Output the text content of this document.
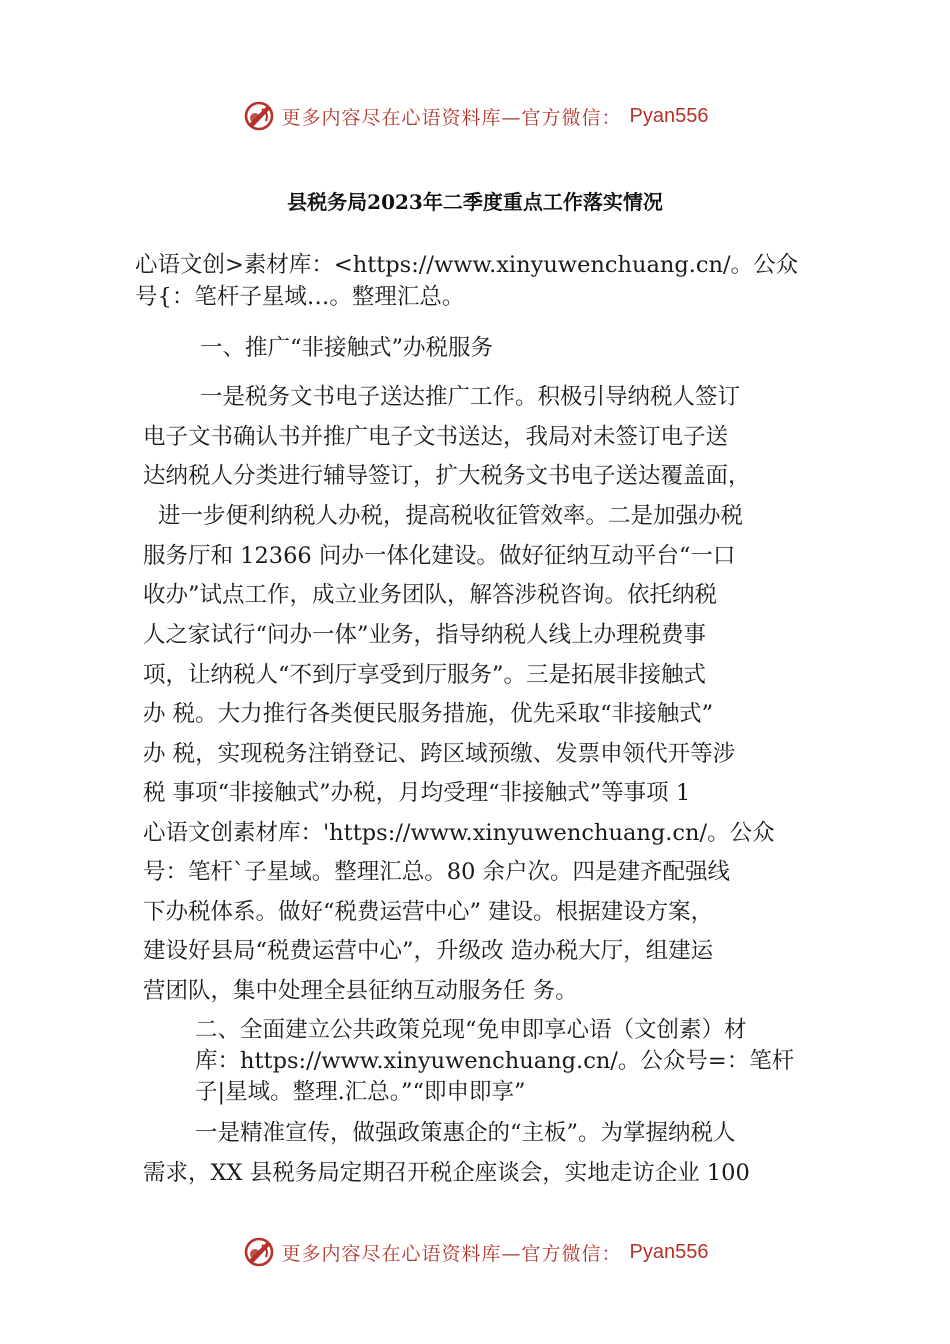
更多内容尽在心语资料库—官方微信： Pyan556
县税务局2023年二季度重点工作落实情况
心语文创>素材库：<https://www.xinyuwenchuang.cn/。公众
号{：笔杆子星域…。整理汇总。
一、推广“非接触式”办税服务
一是税务文书电子送达推广工作。积极引导纳税人签订
电子文书确认书并推广电子文书送达，我局对未签订电子送
达纳税人分类进行辅导签订，扩大税务文书电子送达覆盖面，
进一步便利纳税人办税，提高税收征管效率。二是加强办税
服务厅和 12366 问办一体化建设。做好征纳互动平台“一口
收办”试点工作，成立业务团队，解答涉税咨询。依托纳税
人之家试行“问办一体”业务，指导纳税人线上办理税费事
项，让纳税人“不到厅享受到厅服务”。三是拓展非接触式
办 税。大力推行各类便民服务措施，优先采取“非接触式”
办 税，实现税务注销登记、跨区域预缴、发票申领代开等涉
税 事项“非接触式”办税，月均受理“非接触式”等事项 1
心语文创素材库：'https://www.xinyuwenchuang.cn/。公众
号：笔杆`子星域。整理汇总。80 余户次。四是建齐配强线
下办税体系。做好“税费运营中心” 建设。根据建设方案，
建设好县局“税费运营中心”，升级改 造办税大厅，组建运
营团队，集中处理全县征纳互动服务任 务。
二、全面建立公共政策兑现“免申即享心语（文创素）材
库：https://www.xinyuwenchuang.cn/。公众号=：笔杆
子|星域。整理.汇总。”“即申即享”
一是精准宣传，做强政策惠企的“主板”。为掌握纳税人
需求，XX 县税务局定期召开税企座谈会，实地走访企业 100
更多内容尽在心语资料库—官方微信： Pyan556
